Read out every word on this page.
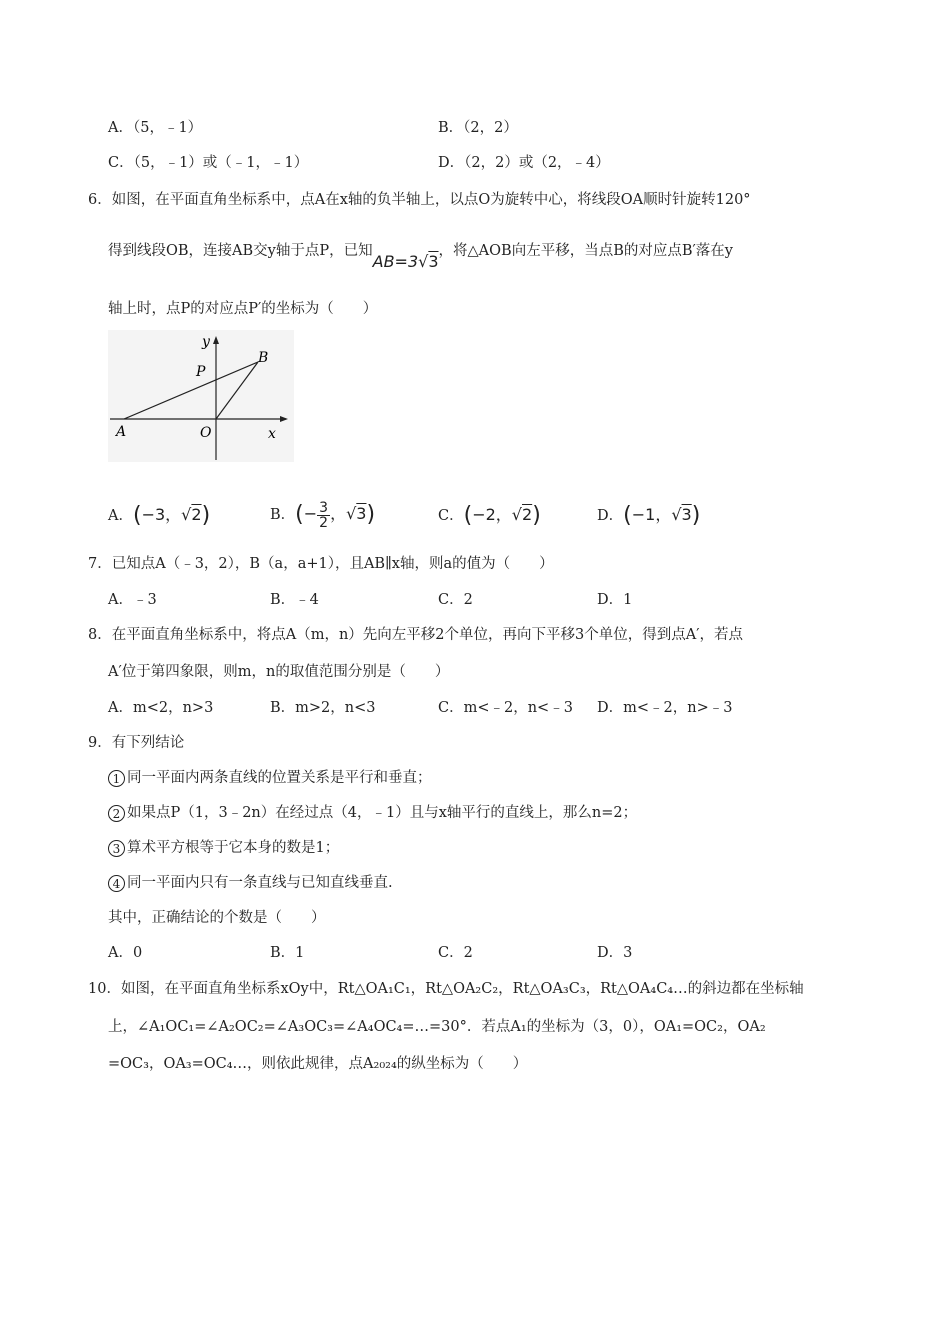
A．（5，﹣1）	B．（2，2）
C．（5，﹣1）或（﹣1，﹣1）	D．（2，2）或（2，﹣4）
6．如图，在平面直角坐标系中，点A在x轴的负半轴上，以点O为旋转中心，将线段OA顺时针旋转120°
得到线段OB，连接AB交y轴于点P，已知AB=3√3，将△AOB向左平移，当点B的对应点B′落在y
轴上时，点P的对应点P′的坐标为（　　）
y
x
O
A
B
P
A．(−3，√2)	B．(− $\frac{3}{2}$ ，√3)	C．(−2，√2)	D．(−1，√3)
7．已知点A（﹣3，2），B（a，a+1），且AB∥x轴，则a的值为（　　）
A．﹣3	B．﹣4	C．2	D．1
8．在平面直角坐标系中，将点A（m，n）先向左平移2个单位，再向下平移3个单位，得到点A′，若点
A′位于第四象限，则m，n的取值范围分别是（　　）
A．m<2，n>3	B．m>2，n<3	C．m<﹣2，n<﹣3 D．m<﹣2，n>﹣3
9．有下列结论
1 同一平面内两条直线的位置关系是平行和垂直；
2 如果点P（1，3﹣2n）在经过点（4，﹣1）且与x轴平行的直线上，那么n=2；
3 算术平方根等于它本身的数是1；
4 同一平面内只有一条直线与已知直线垂直.
其中，正确结论的个数是（　　）
A．0	B．1	C．2	D．3
10．如图，在平面直角坐标系xOy中，Rt△OA₁C₁，Rt△OA₂C₂，Rt△OA₃C₃，Rt△OA₄C₄…的斜边都在坐标轴
上，∠A₁OC₁=∠A₂OC₂=∠A₃OC₃=∠A₄OC₄=…=30°．若点A₁的坐标为（3，0），OA₁=OC₂，OA₂
=OC₃，OA₃=OC₄…，则依此规律，点A₂₀₂₄的纵坐标为（　　）
